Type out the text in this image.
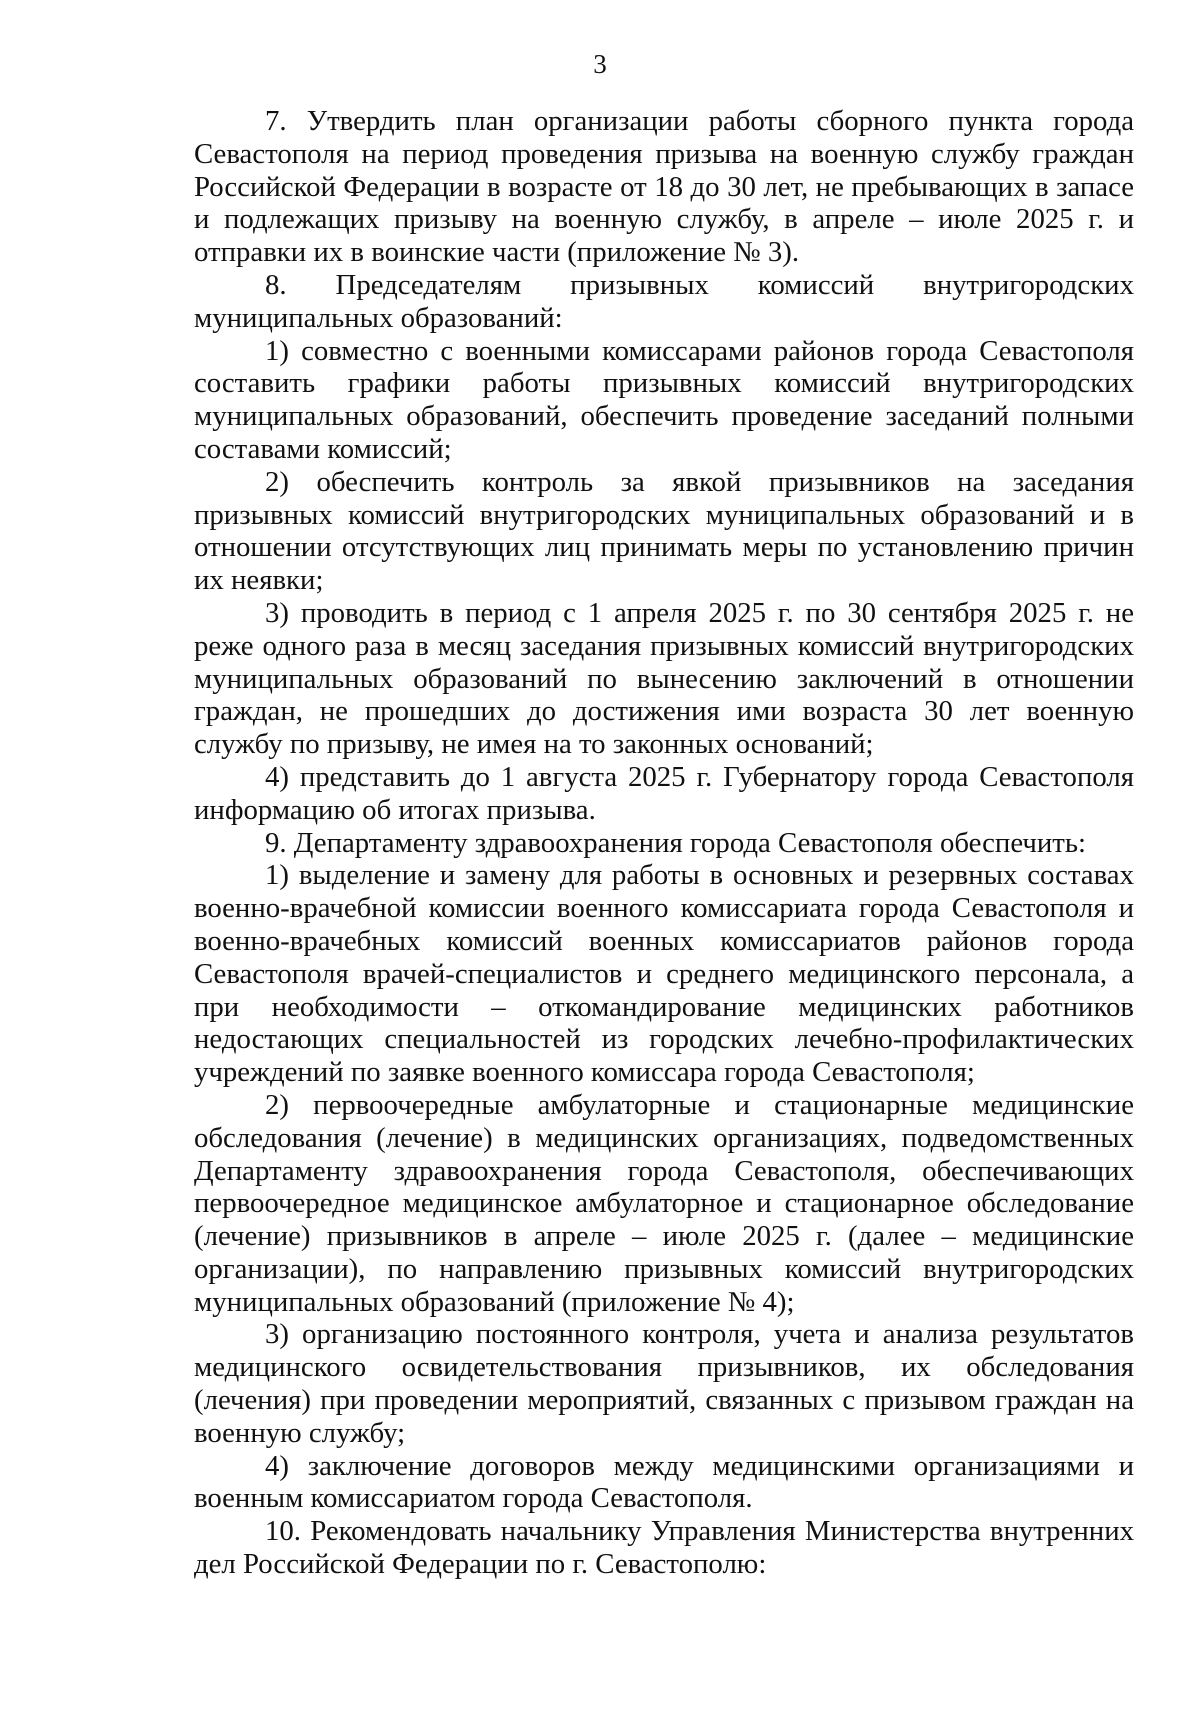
3

7. Утвердить план организации работы сборного пункта города Севастополя на период проведения призыва на военную службу граждан Российской Федерации в возрасте от 18 до 30 лет, не пребывающих в запасе и подлежащих призыву на военную службу, в апреле – июле 2025 г. и отправки их в воинские части (приложение № 3).

8. Председателям призывных комиссий внутригородских муниципальных образований:

1) совместно с военными комиссарами районов города Севастополя составить графики работы призывных комиссий внутригородских муниципальных образований, обеспечить проведение заседаний полными составами комиссий;

2) обеспечить контроль за явкой призывников на заседания призывных комиссий внутригородских муниципальных образований и в отношении отсутствующих лиц принимать меры по установлению причин их неявки;

3) проводить в период с 1 апреля 2025 г. по 30 сентября 2025 г. не реже одного раза в месяц заседания призывных комиссий внутригородских муниципальных образований по вынесению заключений в отношении граждан, не прошедших до достижения ими возраста 30 лет военную службу по призыву, не имея на то законных оснований;

4) представить до 1 августа 2025 г. Губернатору города Севастополя информацию об итогах призыва.

9. Департаменту здравоохранения города Севастополя обеспечить:

1) выделение и замену для работы в основных и резервных составах военно-врачебной комиссии военного комиссариата города Севастополя и военно-врачебных комиссий военных комиссариатов районов города Севастополя врачей-специалистов и среднего медицинского персонала, а при необходимости – откомандирование медицинских работников недостающих специальностей из городских лечебно-профилактических учреждений по заявке военного комиссара города Севастополя;

2) первоочередные амбулаторные и стационарные медицинские обследования (лечение) в медицинских организациях, подведомственных Департаменту здравоохранения города Севастополя, обеспечивающих первоочередное медицинское амбулаторное и стационарное обследование (лечение) призывников в апреле – июле 2025 г. (далее – медицинские организации), по направлению призывных комиссий внутригородских муниципальных образований (приложение № 4);

3) организацию постоянного контроля, учета и анализа результатов медицинского освидетельствования призывников, их обследования (лечения) при проведении мероприятий, связанных с призывом граждан на военную службу;

4) заключение договоров между медицинскими организациями и военным комиссариатом города Севастополя.

10. Рекомендовать начальнику Управления Министерства внутренних дел Российской Федерации по г. Севастополю:
